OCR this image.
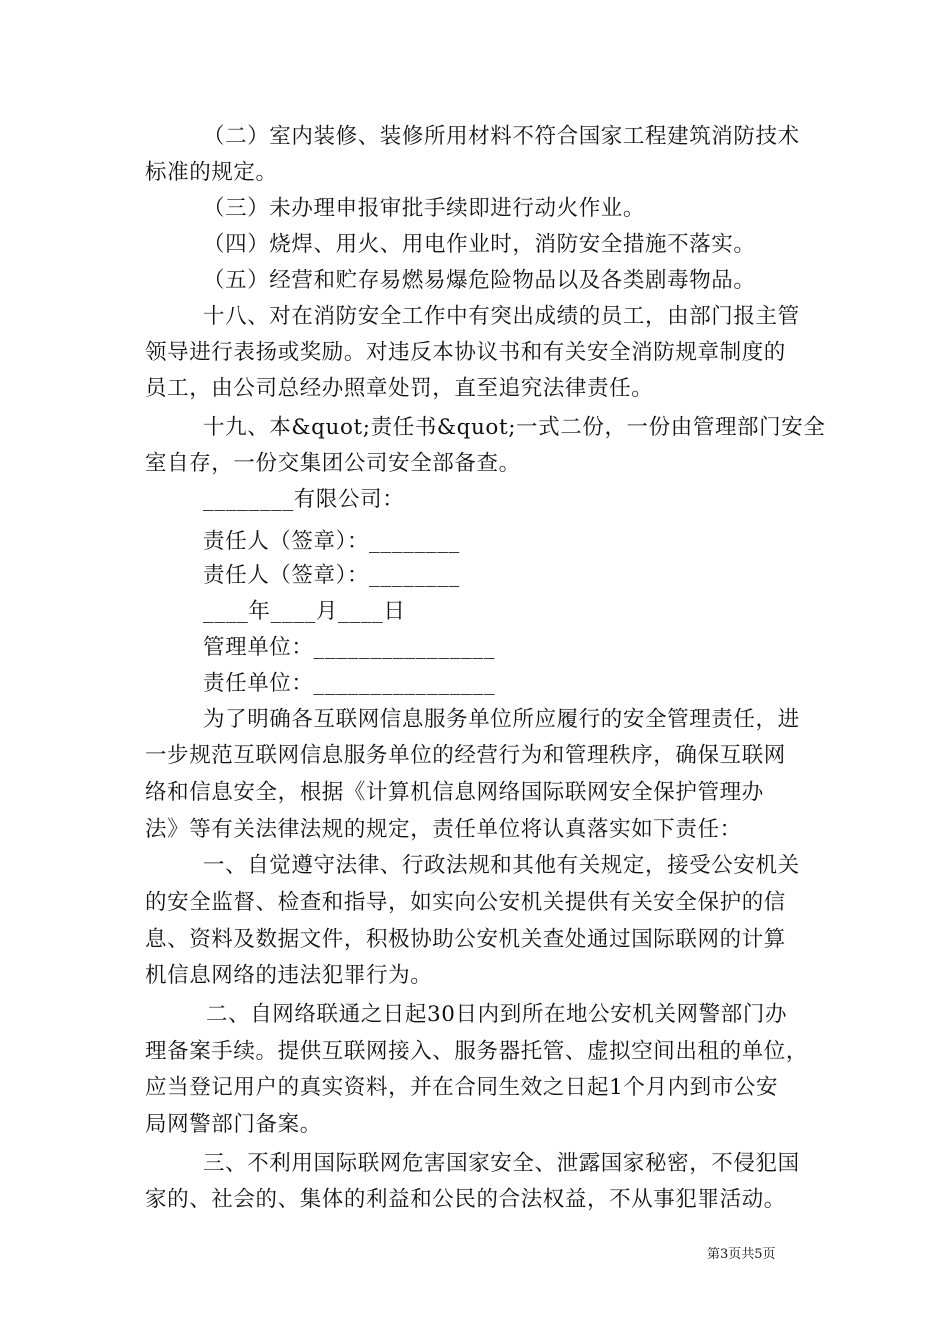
（二）室内装修、装修所用材料不符合国家工程建筑消防技术
标准的规定。
（三）未办理申报审批手续即进行动火作业。
（四）烧焊、用火、用电作业时，消防安全措施不落实。
（五）经营和贮存易燃易爆危险物品以及各类剧毒物品。
十八、对在消防安全工作中有突出成绩的员工，由部门报主管
领导进行表扬或奖励。对违反本协议书和有关安全消防规章制度的
员工，由公司总经办照章处罚，直至追究法律责任。
十九、本&quot;责任书&quot;一式二份，一份由管理部门安全
室自存，一份交集团公司安全部备查。
________有限公司：
责任人（签章）：________
责任人（签章）：________
____年____月____日
管理单位：________________
责任单位：________________
为了明确各互联网信息服务单位所应履行的安全管理责任，进
一步规范互联网信息服务单位的经营行为和管理秩序，确保互联网
络和信息安全，根据《计算机信息网络国际联网安全保护管理办
法》等有关法律法规的规定，责任单位将认真落实如下责任：
一、自觉遵守法律、行政法规和其他有关规定，接受公安机关
的安全监督、检查和指导，如实向公安机关提供有关安全保护的信
息、资料及数据文件，积极协助公安机关查处通过国际联网的计算
机信息网络的违法犯罪行为。
二、自网络联通之日起30日内到所在地公安机关网警部门办
理备案手续。提供互联网接入、服务器托管、虚拟空间出租的单位，
应当登记用户的真实资料，并在合同生效之日起1个月内到市公安
局网警部门备案。
三、不利用国际联网危害国家安全、泄露国家秘密，不侵犯国
家的、社会的、集体的利益和公民的合法权益，不从事犯罪活动。
第3页共5页
